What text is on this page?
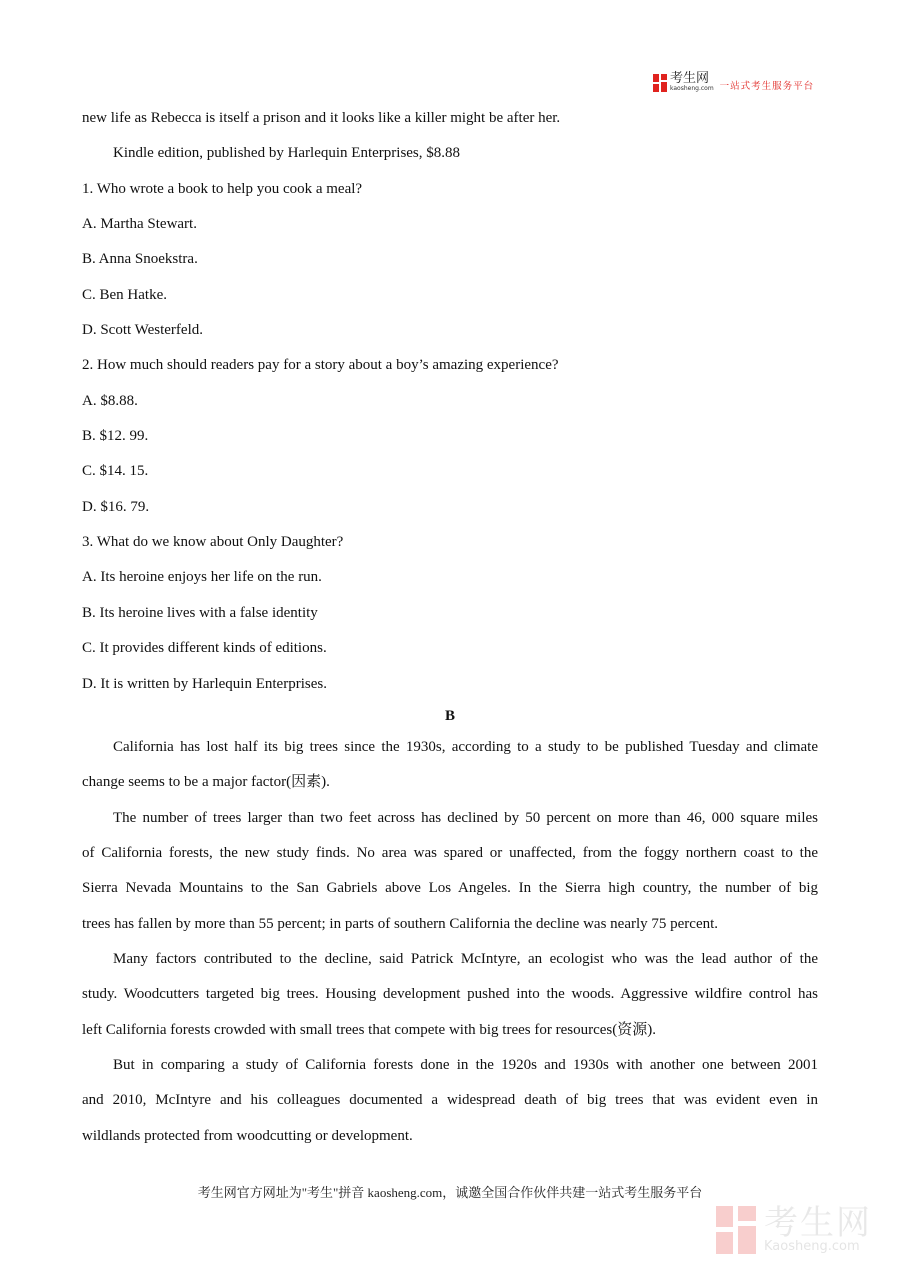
考生网
kaosheng.com 一站式考生服务平台
new life as Rebecca is itself a prison and it looks like a killer might be after her.
Kindle edition, published by Harlequin Enterprises, $8.88
1. Who wrote a book to help you cook a meal?
A. Martha Stewart.
B. Anna Snoekstra.
C. Ben Hatke.
D. Scott Westerfeld.
2. How much should readers pay for a story about a boy’s amazing experience?
A. $8.88.
B. $12. 99.
C. $14. 15.
D. $16. 79.
3. What do we know about Only Daughter?
A. Its heroine enjoys her life on the run.
B. Its heroine lives with a false identity
C. It provides different kinds of editions.
D. It is written by Harlequin Enterprises.
B
California has lost half its big trees since the 1930s, according to a study to be published Tuesday and climate
change seems to be a major factor(因素).
The number of trees larger than two feet across has declined by 50 percent on more than 46, 000 square miles
of California forests, the new study finds. No area was spared or unaffected, from the foggy northern coast to the
Sierra Nevada Mountains to the San Gabriels above Los Angeles. In the Sierra high country, the number of big
trees has fallen by more than 55 percent; in parts of southern California the decline was nearly 75 percent.
Many factors contributed to the decline, said Patrick McIntyre, an ecologist who was the lead author of the
study. Woodcutters targeted big trees. Housing development pushed into the woods. Aggressive wildfire control has
left California forests crowded with small trees that compete with big trees for resources(资源).
But in comparing a study of California forests done in the 1920s and 1930s with another one between 2001
and 2010, McIntyre and his colleagues documented a widespread death of big trees that was evident even in
wildlands protected from woodcutting or development.
考生网官方网址为"考生"拼音 kaosheng.com，诚邀全国合作伙伴共建一站式考生服务平台
考生网
Kaosheng.com
